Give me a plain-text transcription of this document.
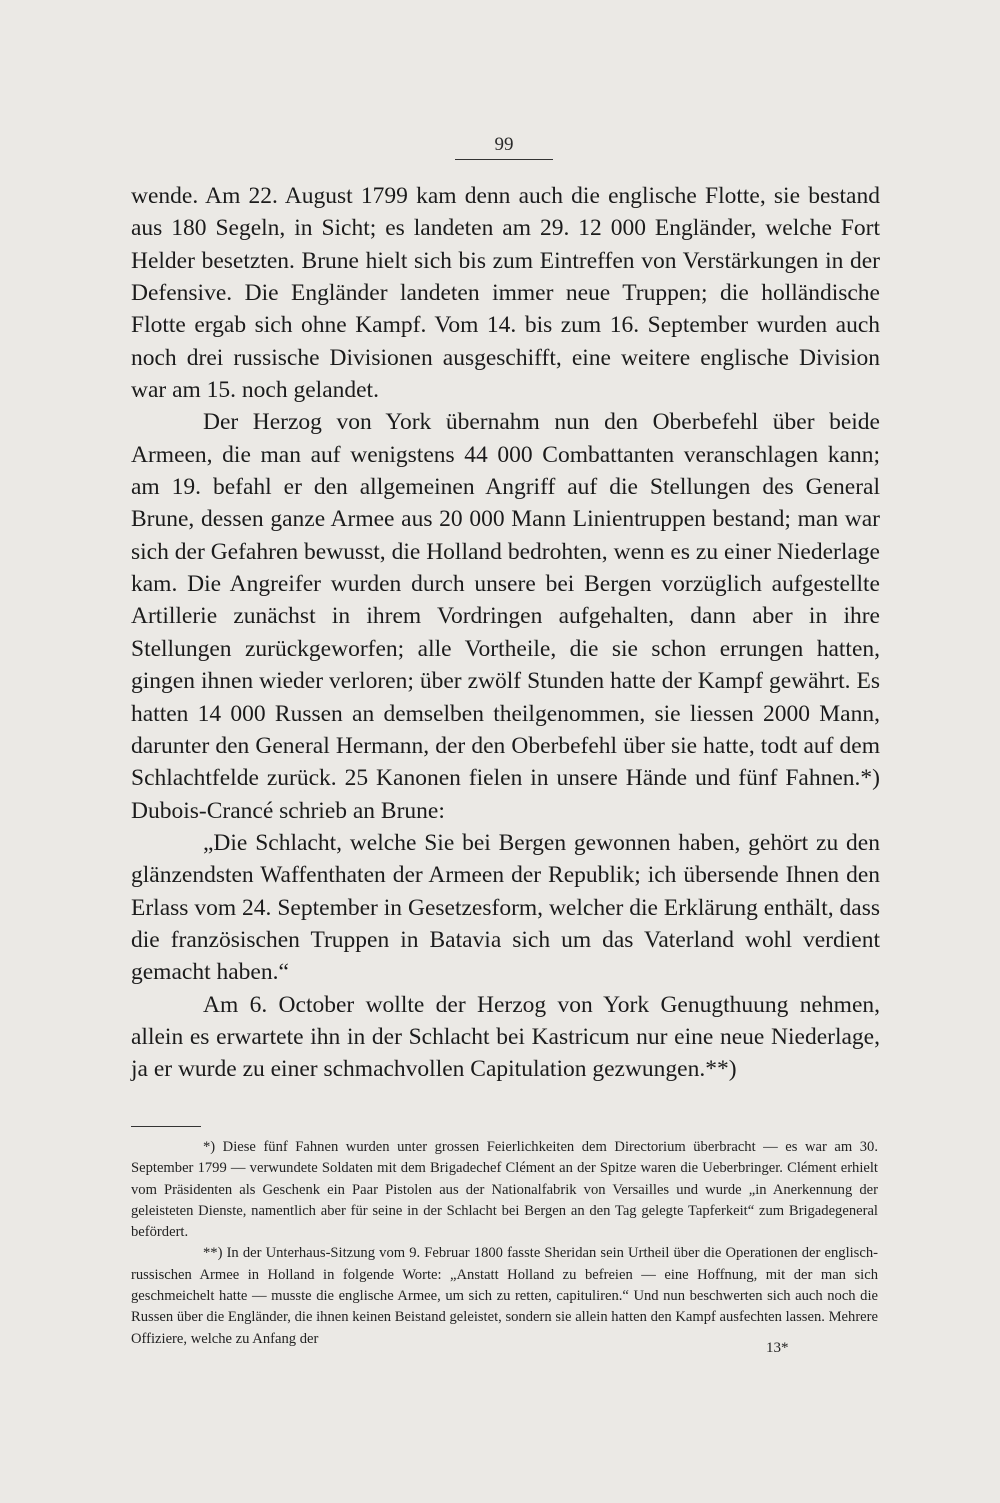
99

wende. Am 22. August 1799 kam denn auch die englische Flotte, sie bestand aus 180 Segeln, in Sicht; es landeten am 29. 12 000 Engländer, welche Fort Helder besetzten. Brune hielt sich bis zum Eintreffen von Verstärkungen in der Defensive. Die Engländer landeten immer neue Truppen; die holländische Flotte ergab sich ohne Kampf. Vom 14. bis zum 16. September wurden auch noch drei russische Divisionen ausgeschifft, eine weitere englische Division war am 15. noch gelandet.

Der Herzog von York übernahm nun den Oberbefehl über beide Armeen, die man auf wenigstens 44 000 Combattanten veranschlagen kann; am 19. befahl er den allgemeinen Angriff auf die Stellungen des General Brune, dessen ganze Armee aus 20 000 Mann Linientruppen bestand; man war sich der Gefahren bewusst, die Holland bedrohten, wenn es zu einer Niederlage kam. Die Angreifer wurden durch unsere bei Bergen vorzüglich aufgestellte Artillerie zunächst in ihrem Vordringen aufgehalten, dann aber in ihre Stellungen zurückgeworfen; alle Vortheile, die sie schon errungen hatten, gingen ihnen wieder verloren; über zwölf Stunden hatte der Kampf gewährt. Es hatten 14 000 Russen an demselben theilgenommen, sie liessen 2000 Mann, darunter den General Hermann, der den Oberbefehl über sie hatte, todt auf dem Schlachtfelde zurück. 25 Kanonen fielen in unsere Hände und fünf Fahnen.*) Dubois-Crancé schrieb an Brune:

„Die Schlacht, welche Sie bei Bergen gewonnen haben, gehört zu den glänzendsten Waffenthaten der Armeen der Republik; ich übersende Ihnen den Erlass vom 24. September in Gesetzesform, welcher die Erklärung enthält, dass die französischen Truppen in Batavia sich um das Vaterland wohl verdient gemacht haben.“

Am 6. October wollte der Herzog von York Genugthuung nehmen, allein es erwartete ihn in der Schlacht bei Kastricum nur eine neue Niederlage, ja er wurde zu einer schmachvollen Capitulation gezwungen.**)

*) Diese fünf Fahnen wurden unter grossen Feierlichkeiten dem Directorium überbracht — es war am 30. September 1799 — verwundete Soldaten mit dem Brigadechef Clément an der Spitze waren die Ueberbringer. Clément erhielt vom Präsidenten als Geschenk ein Paar Pistolen aus der Nationalfabrik von Versailles und wurde „in Anerkennung der geleisteten Dienste, namentlich aber für seine in der Schlacht bei Bergen an den Tag gelegte Tapferkeit“ zum Brigadegeneral befördert.

**) In der Unterhaus-Sitzung vom 9. Februar 1800 fasste Sheridan sein Urtheil über die Operationen der englisch-russischen Armee in Holland in folgende Worte: „Anstatt Holland zu befreien — eine Hoffnung, mit der man sich geschmeichelt hatte — musste die englische Armee, um sich zu retten, capituliren.“ Und nun beschwerten sich auch noch die Russen über die Engländer, die ihnen keinen Beistand geleistet, sondern sie allein hatten den Kampf ausfechten lassen. Mehrere Offiziere, welche zu Anfang der

13*
